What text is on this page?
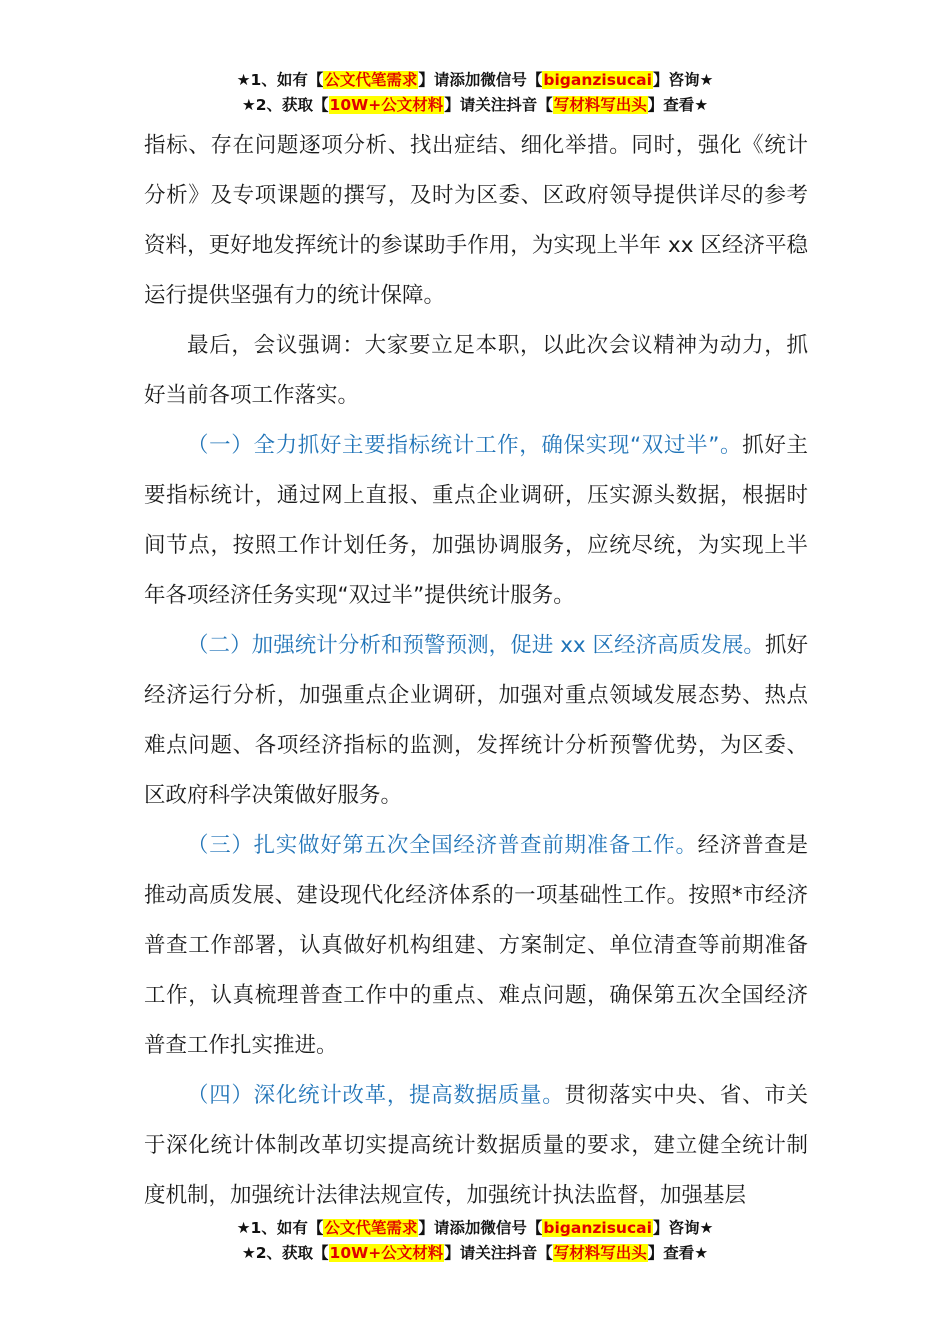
★1、如有【公文代笔需求】请添加微信号【biganzisucai】咨询★
★2、获取【10W+公文材料】请关注抖音【写材料写出头】查看★

指标、存在问题逐项分析、找出症结、细化举措。同时，强化《统计分析》及专项课题的撰写，及时为区委、区政府领导提供详尽的参考资料，更好地发挥统计的参谋助手作用，为实现上半年 xx 区经济平稳运行提供坚强有力的统计保障。

最后，会议强调：大家要立足本职，以此次会议精神为动力，抓好当前各项工作落实。

（一）全力抓好主要指标统计工作，确保实现“双过半”。抓好主要指标统计，通过网上直报、重点企业调研，压实源头数据，根据时间节点，按照工作计划任务，加强协调服务，应统尽统，为实现上半年各项经济任务实现“双过半”提供统计服务。

（二）加强统计分析和预警预测，促进 xx 区经济高质发展。抓好经济运行分析，加强重点企业调研，加强对重点领域发展态势、热点难点问题、各项经济指标的监测，发挥统计分析预警优势，为区委、区政府科学决策做好服务。

（三）扎实做好第五次全国经济普查前期准备工作。经济普查是推动高质发展、建设现代化经济体系的一项基础性工作。按照*市经济普查工作部署，认真做好机构组建、方案制定、单位清查等前期准备工作，认真梳理普查工作中的重点、难点问题，确保第五次全国经济普查工作扎实推进。

（四）深化统计改革，提高数据质量。贯彻落实中央、省、市关于深化统计体制改革切实提高统计数据质量的要求，建立健全统计制度机制，加强统计法律法规宣传，加强统计执法监督，加强基层

★1、如有【公文代笔需求】请添加微信号【biganzisucai】咨询★
★2、获取【10W+公文材料】请关注抖音【写材料写出头】查看★
